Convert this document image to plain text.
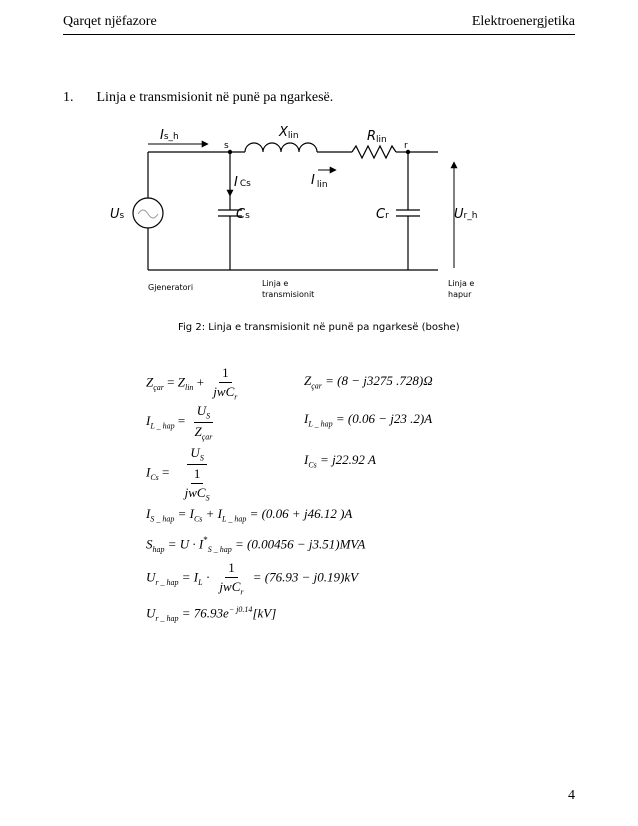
Qarqet njëfazore	Elektroenergjetika
1. Linja e transmisionit në punë pa ngarkesë.
Is_h	Xlin	Rlin
s	r
I Cs	I $_{lin}$
Us	Cs	Cr	Ur_h
Gjeneratori	Linja e
transmisionit
Linja e
hapur
Fig 2: Linja e transmisionit në punë pa ngarkesë (boshe)
$Z_{çar} = Z_{lin} + \frac{1}{jwC_r}$	$Z_{çar} = (8 - j3275$ .728)Ω
$I_{L \_ hap} = \frac{U_S}{Z_{çar}}$	$I_{L \_ hap} = (0.06 - j23$ .2)A
$I_{Cs} = \frac{U_S}{\frac{1}{jwC_S}}$	$I_{Cs} = j22.92$ A
$I_{S \_ hap} = I_{Cs} + I_{L \_ hap} = (0.06 + j46.12$ )A
$S_{hap} = U \cdot I^*_{S \_ hap} = (0.00456 - j3.51)MVA$
$U_{r \_ hap} = I_L \cdot \frac{1}{jwC_r} = (76.93 - j0.19)kV$
$U_{r \_ hap} = 76.93e^{- j0.14}[kV]$
4
